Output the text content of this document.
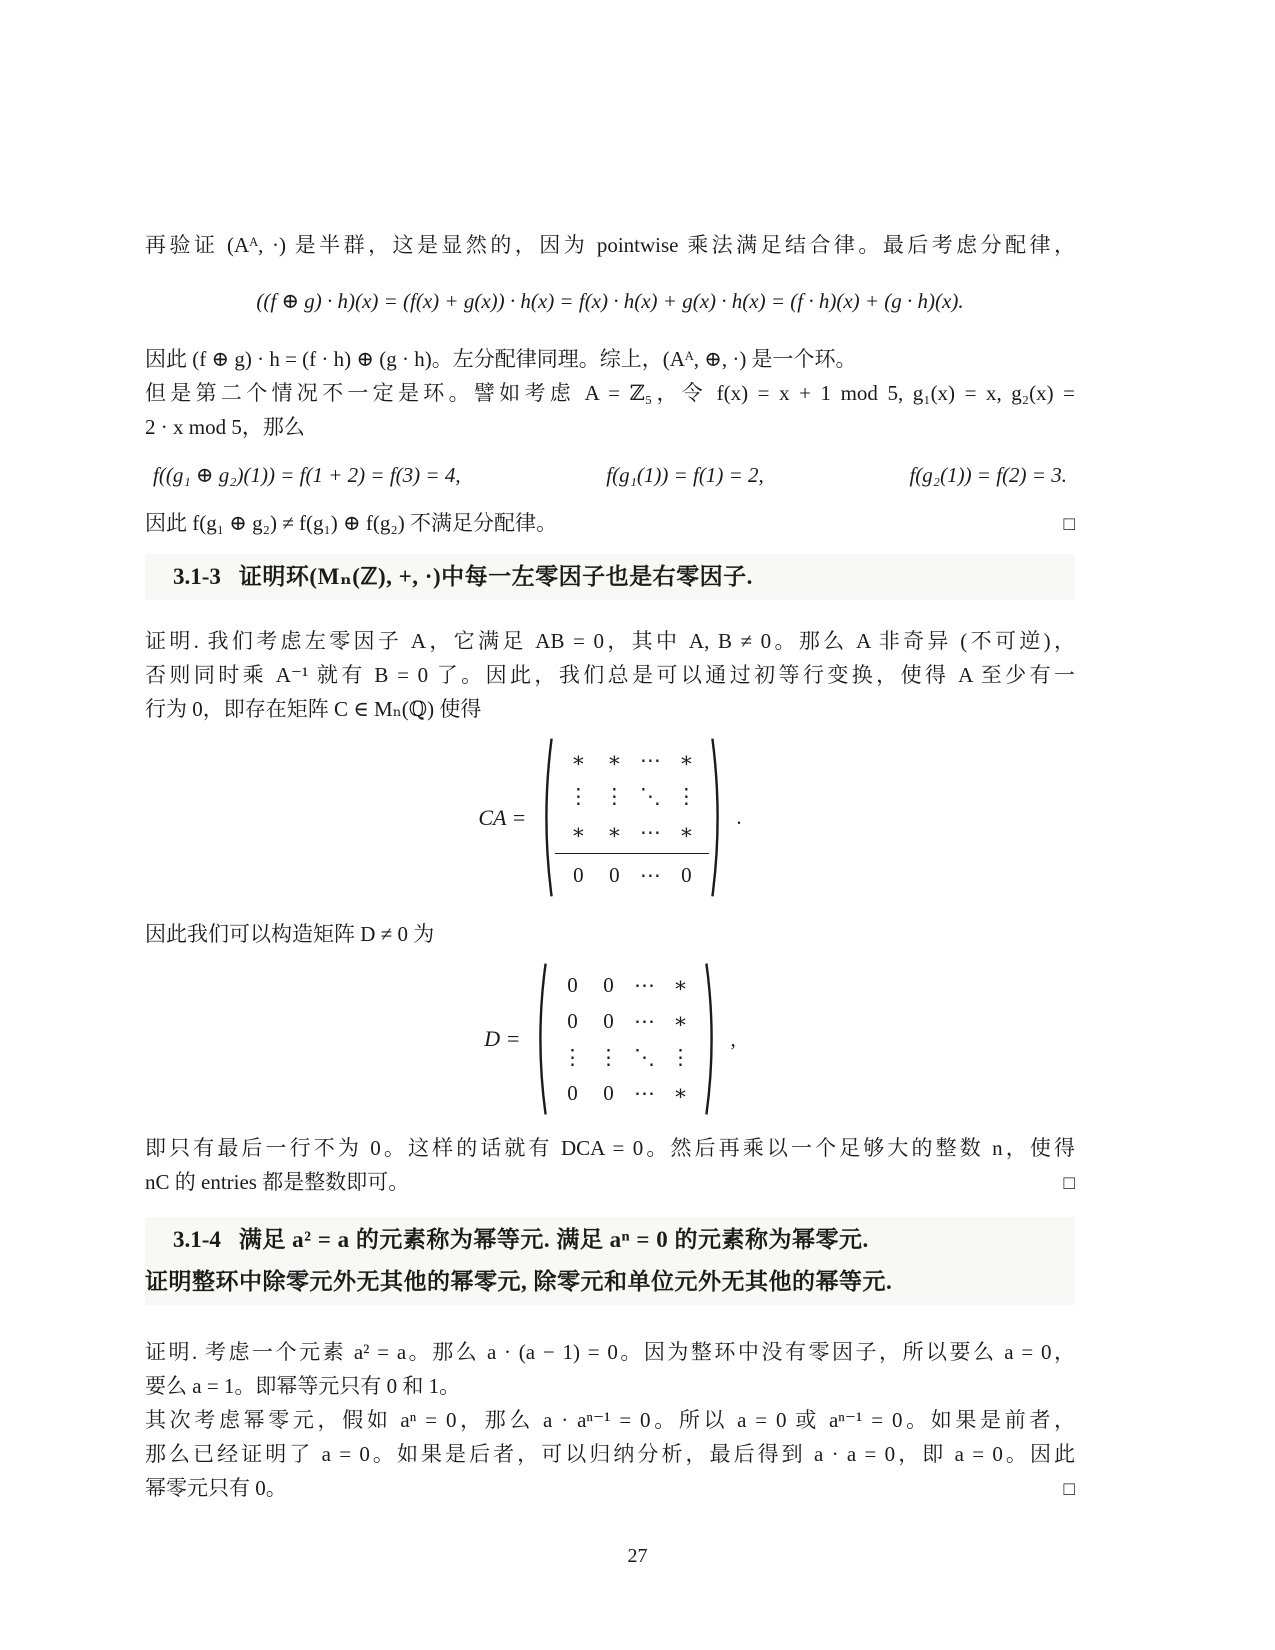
再验证 (Aᴬ, ·) 是半群，这是显然的，因为 pointwise 乘法满足结合律。最后考虑分配律，
((f ⊕ g) · h)(x) = (f(x) + g(x)) · h(x) = f(x) · h(x) + g(x) · h(x) = (f · h)(x) + (g · h)(x).
因此 (f ⊕ g) · h = (f · h) ⊕ (g · h)。左分配律同理。综上，(Aᴬ, ⊕, ·) 是一个环。
但是第二个情况不一定是环。譬如考虑 A = ℤ₅，令 f(x) = x + 1 mod 5, g₁(x) = x, g₂(x) =
2 · x mod 5，那么
f((g₁ ⊕ g₂)(1)) = f(1 + 2) = f(3) = 4,	f(g₁(1)) = f(1) = 2,	f(g₂(1)) = f(2) = 3.
因此 f(g₁ ⊕ g₂) ≠ f(g₁) ⊕ f(g₂) 不满足分配律。	□
3.1-3 证明环(Mₙ(ℤ), +, ·)中每一左零因子也是右零因子.
证明. 我们考虑左零因子 A，它满足 AB = 0，其中 A, B ≠ 0。那么 A 非奇异 (不可逆)，
否则同时乘 A⁻¹ 就有 B = 0 了。因此，我们总是可以通过初等行变换，使得 A 至少有一
行为 0，即存在矩阵 C ∈ Mₙ(ℚ) 使得
CA =
∗	∗ ⋯ ∗
⋮ ⋮ ⋱ ⋮
∗	∗ ⋯ ∗
0	0 ⋯ 0
.
因此我们可以构造矩阵 D ≠ 0 为
D =
0	0 ⋯ ∗
0	0 ⋯ ∗
⋮ ⋮ ⋱ ⋮
0	0 ⋯ ∗
,
即只有最后一行不为 0。这样的话就有 DCA = 0。然后再乘以一个足够大的整数 n，使得
nC 的 entries 都是整数即可。	□
3.1-4 满足 a² = a 的元素称为幂等元. 满足 aⁿ = 0 的元素称为幂零元.
证明整环中除零元外无其他的幂零元, 除零元和单位元外无其他的幂等元.
证明. 考虑一个元素 a² = a。那么 a · (a − 1) = 0。因为整环中没有零因子，所以要么 a = 0，
要么 a = 1。即幂等元只有 0 和 1。
其次考虑幂零元，假如 aⁿ = 0，那么 a · aⁿ⁻¹ = 0。所以 a = 0 或 aⁿ⁻¹ = 0。如果是前者，
那么已经证明了 a = 0。如果是后者，可以归纳分析，最后得到 a · a = 0，即 a = 0。因此
幂零元只有 0。	□
27
